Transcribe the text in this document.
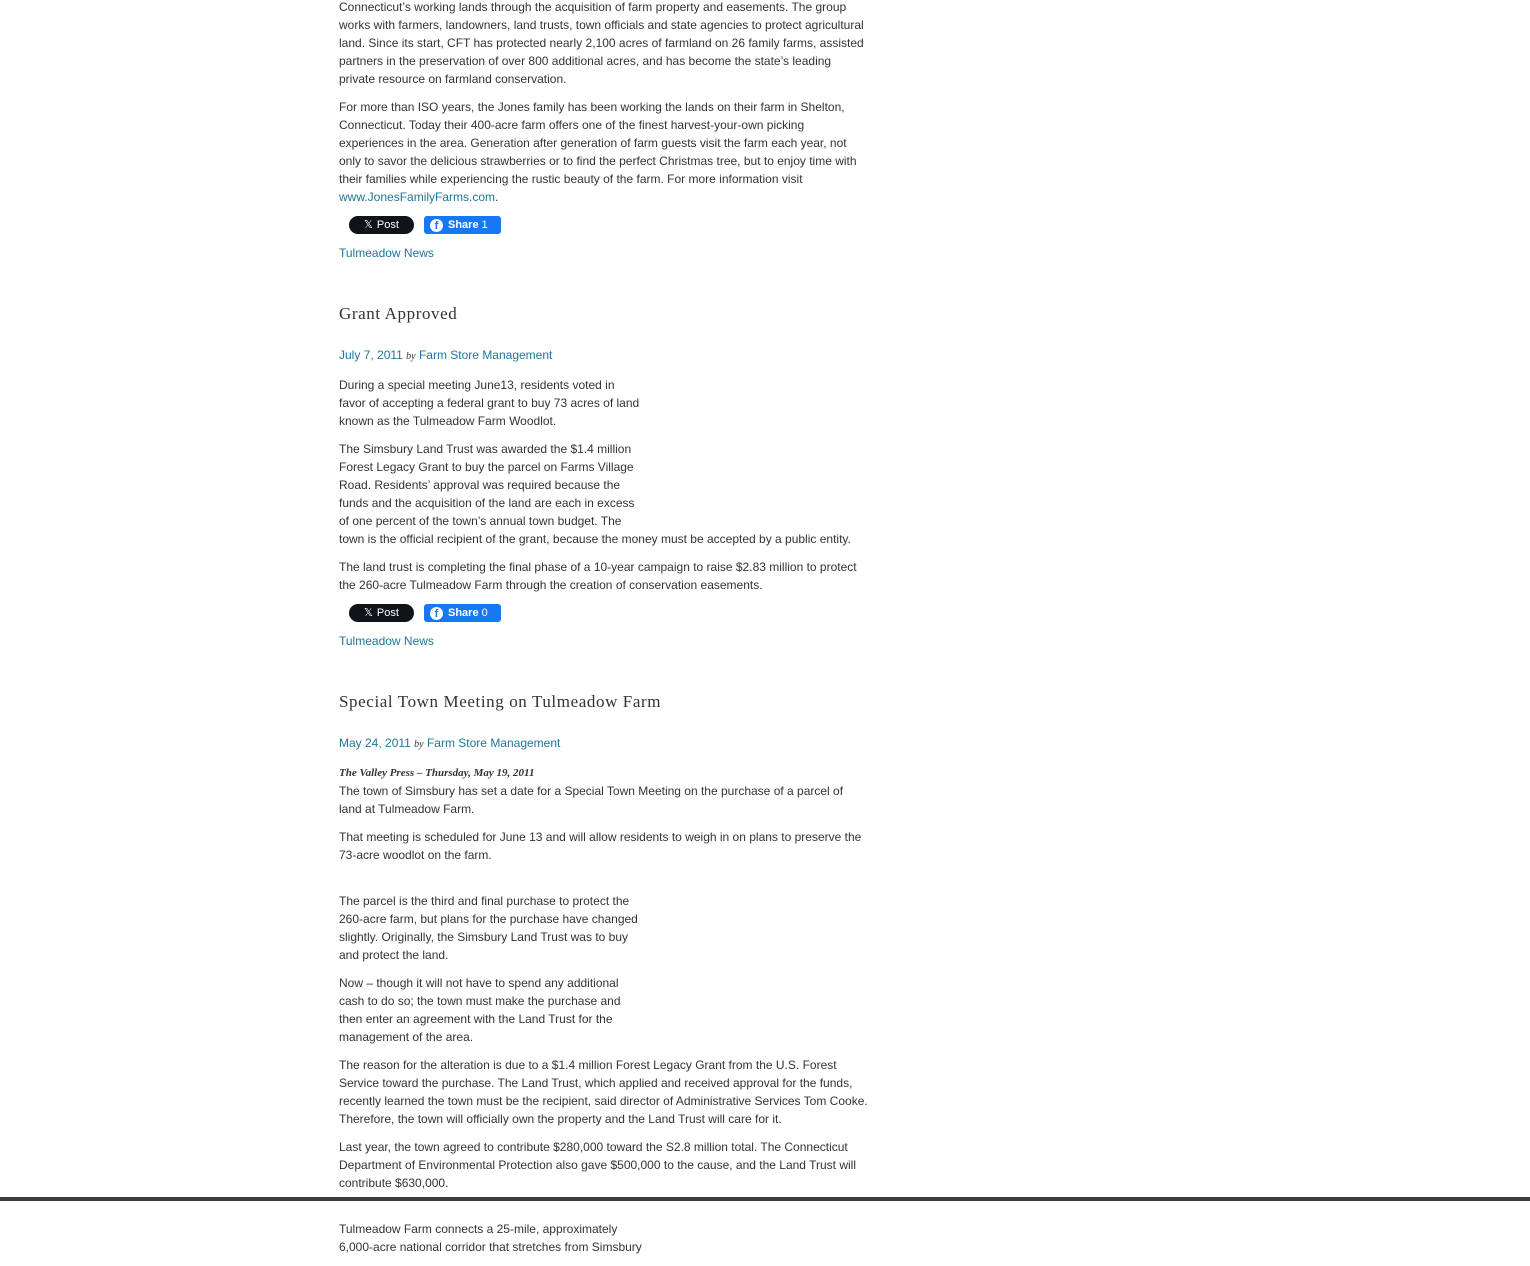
Connecticut’s working lands through the acquisition of farm property and easements. The group works with farmers, landowners, land trusts, town officials and state agencies to protect agricultural land. Since its start, CFT has protected nearly 2,100 acres of farmland on 26 family farms, assisted partners in the preservation of over 800 additional acres, and has become the state’s leading private resource on farmland conservation.

For more than ISO years, the Jones family has been working the lands on their farm in Shelton, Connecticut. Today their 400-acre farm offers one of the finest harvest-your-own picking experiences in the area. Generation after generation of farm guests visit the farm each year, not only to savor the delicious strawberries or to find the perfect Christmas tree, but to enjoy time with their families while experiencing the rustic beauty of the farm. For more information visit www.JonesFamilyFarms.com.

𝕏 Post	f Share 1

Tulmeadow News

Grant Approved

July 7, 2011 by Farm Store Management

During a special meeting June13, residents voted in favor of accepting a federal grant to buy 73 acres of land known as the Tulmeadow Farm Woodlot.

The Simsbury Land Trust was awarded the $1.4 million Forest Legacy Grant to buy the parcel on Farms Village Road. Residents’ approval was required because the funds and the acquisition of the land are each in excess of one percent of the town’s annual town budget. The
town is the official recipient of the grant, because the money must be accepted by a public entity.

The land trust is completing the final phase of a 10-year campaign to raise $2.83 million to protect the 260-acre Tulmeadow Farm through the creation of conservation easements.

𝕏 Post	f Share 0

Tulmeadow News

Special Town Meeting on Tulmeadow Farm

May 24, 2011 by Farm Store Management

The Valley Press – Thursday, May 19, 2011

The town of Simsbury has set a date for a Special Town Meeting on the purchase of a parcel of land at Tulmeadow Farm.

That meeting is scheduled for June 13 and will allow residents to weigh in on plans to preserve the 73-acre woodlot on the farm.

The parcel is the third and final purchase to protect the 260-acre farm, but plans for the purchase have changed slightly. Originally, the Simsbury Land Trust was to buy and protect the land.

Now – though it will not have to spend any additional cash to do so; the town must make the purchase and then enter an agreement with the Land Trust for the management of the area.

The reason for the alteration is due to a $1.4 million Forest Legacy Grant from the U.S. Forest Service toward the purchase. The Land Trust, which applied and received approval for the funds, recently learned the town must be the recipient, said director of Administrative Services Tom Cooke. Therefore, the town will officially own the property and the Land Trust will care for it.

Last year, the town agreed to contribute $280,000 toward the S2.8 million total. The Connecticut Department of Environmental Protection also gave $500,000 to the cause, and the Land Trust will contribute $630,000.

Tulmeadow Farm connects a 25-mile, approximately 6,000-acre national corridor that stretches from Simsbury
